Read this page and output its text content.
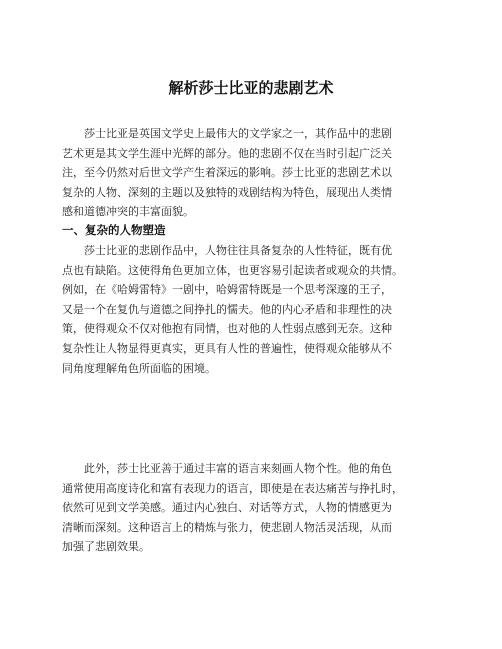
解析莎士比亚的悲剧艺术

莎士比亚是英国文学史上最伟大的文学家之一，其作品中的悲剧
艺术更是其文学生涯中光辉的部分。他的悲剧不仅在当时引起广泛关
注，至今仍然对后世文学产生着深远的影响。莎士比亚的悲剧艺术以
复杂的人物、深刻的主题以及独特的戏剧结构为特色，展现出人类情
感和道德冲突的丰富面貌。

一、复杂的人物塑造

莎士比亚的悲剧作品中，人物往往具备复杂的人性特征，既有优
点也有缺陷。这使得角色更加立体，也更容易引起读者或观众的共情。
例如，在《哈姆雷特》一剧中，哈姆雷特既是一个思考深邃的王子，
又是一个在复仇与道德之间挣扎的懦夫。他的内心矛盾和非理性的决
策，使得观众不仅对他抱有同情，也对他的人性弱点感到无奈。这种
复杂性让人物显得更真实，更具有人性的普遍性，使得观众能够从不
同角度理解角色所面临的困境。

此外，莎士比亚善于通过丰富的语言来刻画人物个性。他的角色
通常使用高度诗化和富有表现力的语言，即使是在表达痛苦与挣扎时，
依然可见到文学美感。通过内心独白、对话等方式，人物的情感更为
清晰而深刻。这种语言上的精炼与张力，使悲剧人物活灵活现，从而
加强了悲剧效果。
